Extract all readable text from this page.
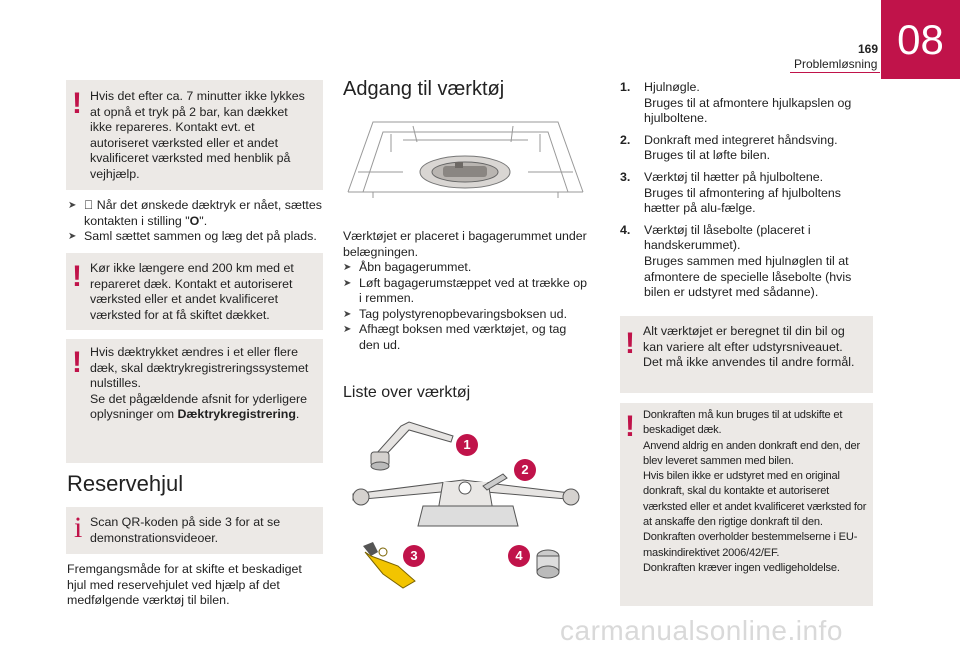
169
Problemløsning
08
! Hvis det efter ca. 7 minutter ikke lykkes at opnå et tryk på 2 bar, kan dækket ikke repareres. Kontakt evt. et autoriseret værksted eller et andet kvalificeret værksted med henblik på vejhjælp.

➤ Når det ønskede dæktryk er nået, sættes kontakten i stilling "O".
➤ Saml sættet sammen og læg det på plads.
! Kør ikke længere end 200 km med et repareret dæk. Kontakt et autoriseret værksted eller et andet kvalificeret værksted for at få skiftet dækket.
! Hvis dæktrykket ændres i et eller flere dæk, skal dæktrykregistreringssystemet nulstilles.
Se det pågældende afsnit for yderligere oplysninger om Dæktrykregistrering.
Reservehjul
i Scan QR-koden på side 3 for at se demonstrationsvideoer.
Fremgangsmåde for at skifte et beskadiget hjul med reservehjulet ved hjælp af det medfølgende værktøj til bilen.
Adgang til værktøj
Værktøjet er placeret i bagagerummet under belægningen.
➤ Åbn bagagerummet.
➤ Løft bagagerumstæppet ved at trække op i remmen.
➤ Tag polystyrenopbevaringsboksen ud.
➤ Afhægt boksen med værktøjet, og tag den ud.
Liste over værktøj
1
2
3	4
1. Hjulnøgle.
Bruges til at afmontere hjulkapslen og hjulboltene.
2. Donkraft med integreret håndsving.
Bruges til at løfte bilen.
3. Værktøj til hætter på hjulboltene.
Bruges til afmontering af hjulboltens hætter på alu-fælge.
4. Værktøj til låsebolte (placeret i handskerummet).
Bruges sammen med hjulnøglen til at afmontere de specielle låsebolte (hvis bilen er udstyret med sådanne).
! Alt værktøjet er beregnet til din bil og kan variere alt efter udstyrsniveauet.
Det må ikke anvendes til andre formål.
! Donkraften må kun bruges til at udskifte et beskadiget dæk.
Anvend aldrig en anden donkraft end den, der blev leveret sammen med bilen.
Hvis bilen ikke er udstyret med en original donkraft, skal du kontakte et autoriseret værksted eller et andet kvalificeret værksted for at anskaffe den rigtige donkraft til den.
Donkraften overholder bestemmelserne i EU-maskindirektivet 2006/42/EF.
Donkraften kræver ingen vedligeholdelse.
carmanualsonline.info
